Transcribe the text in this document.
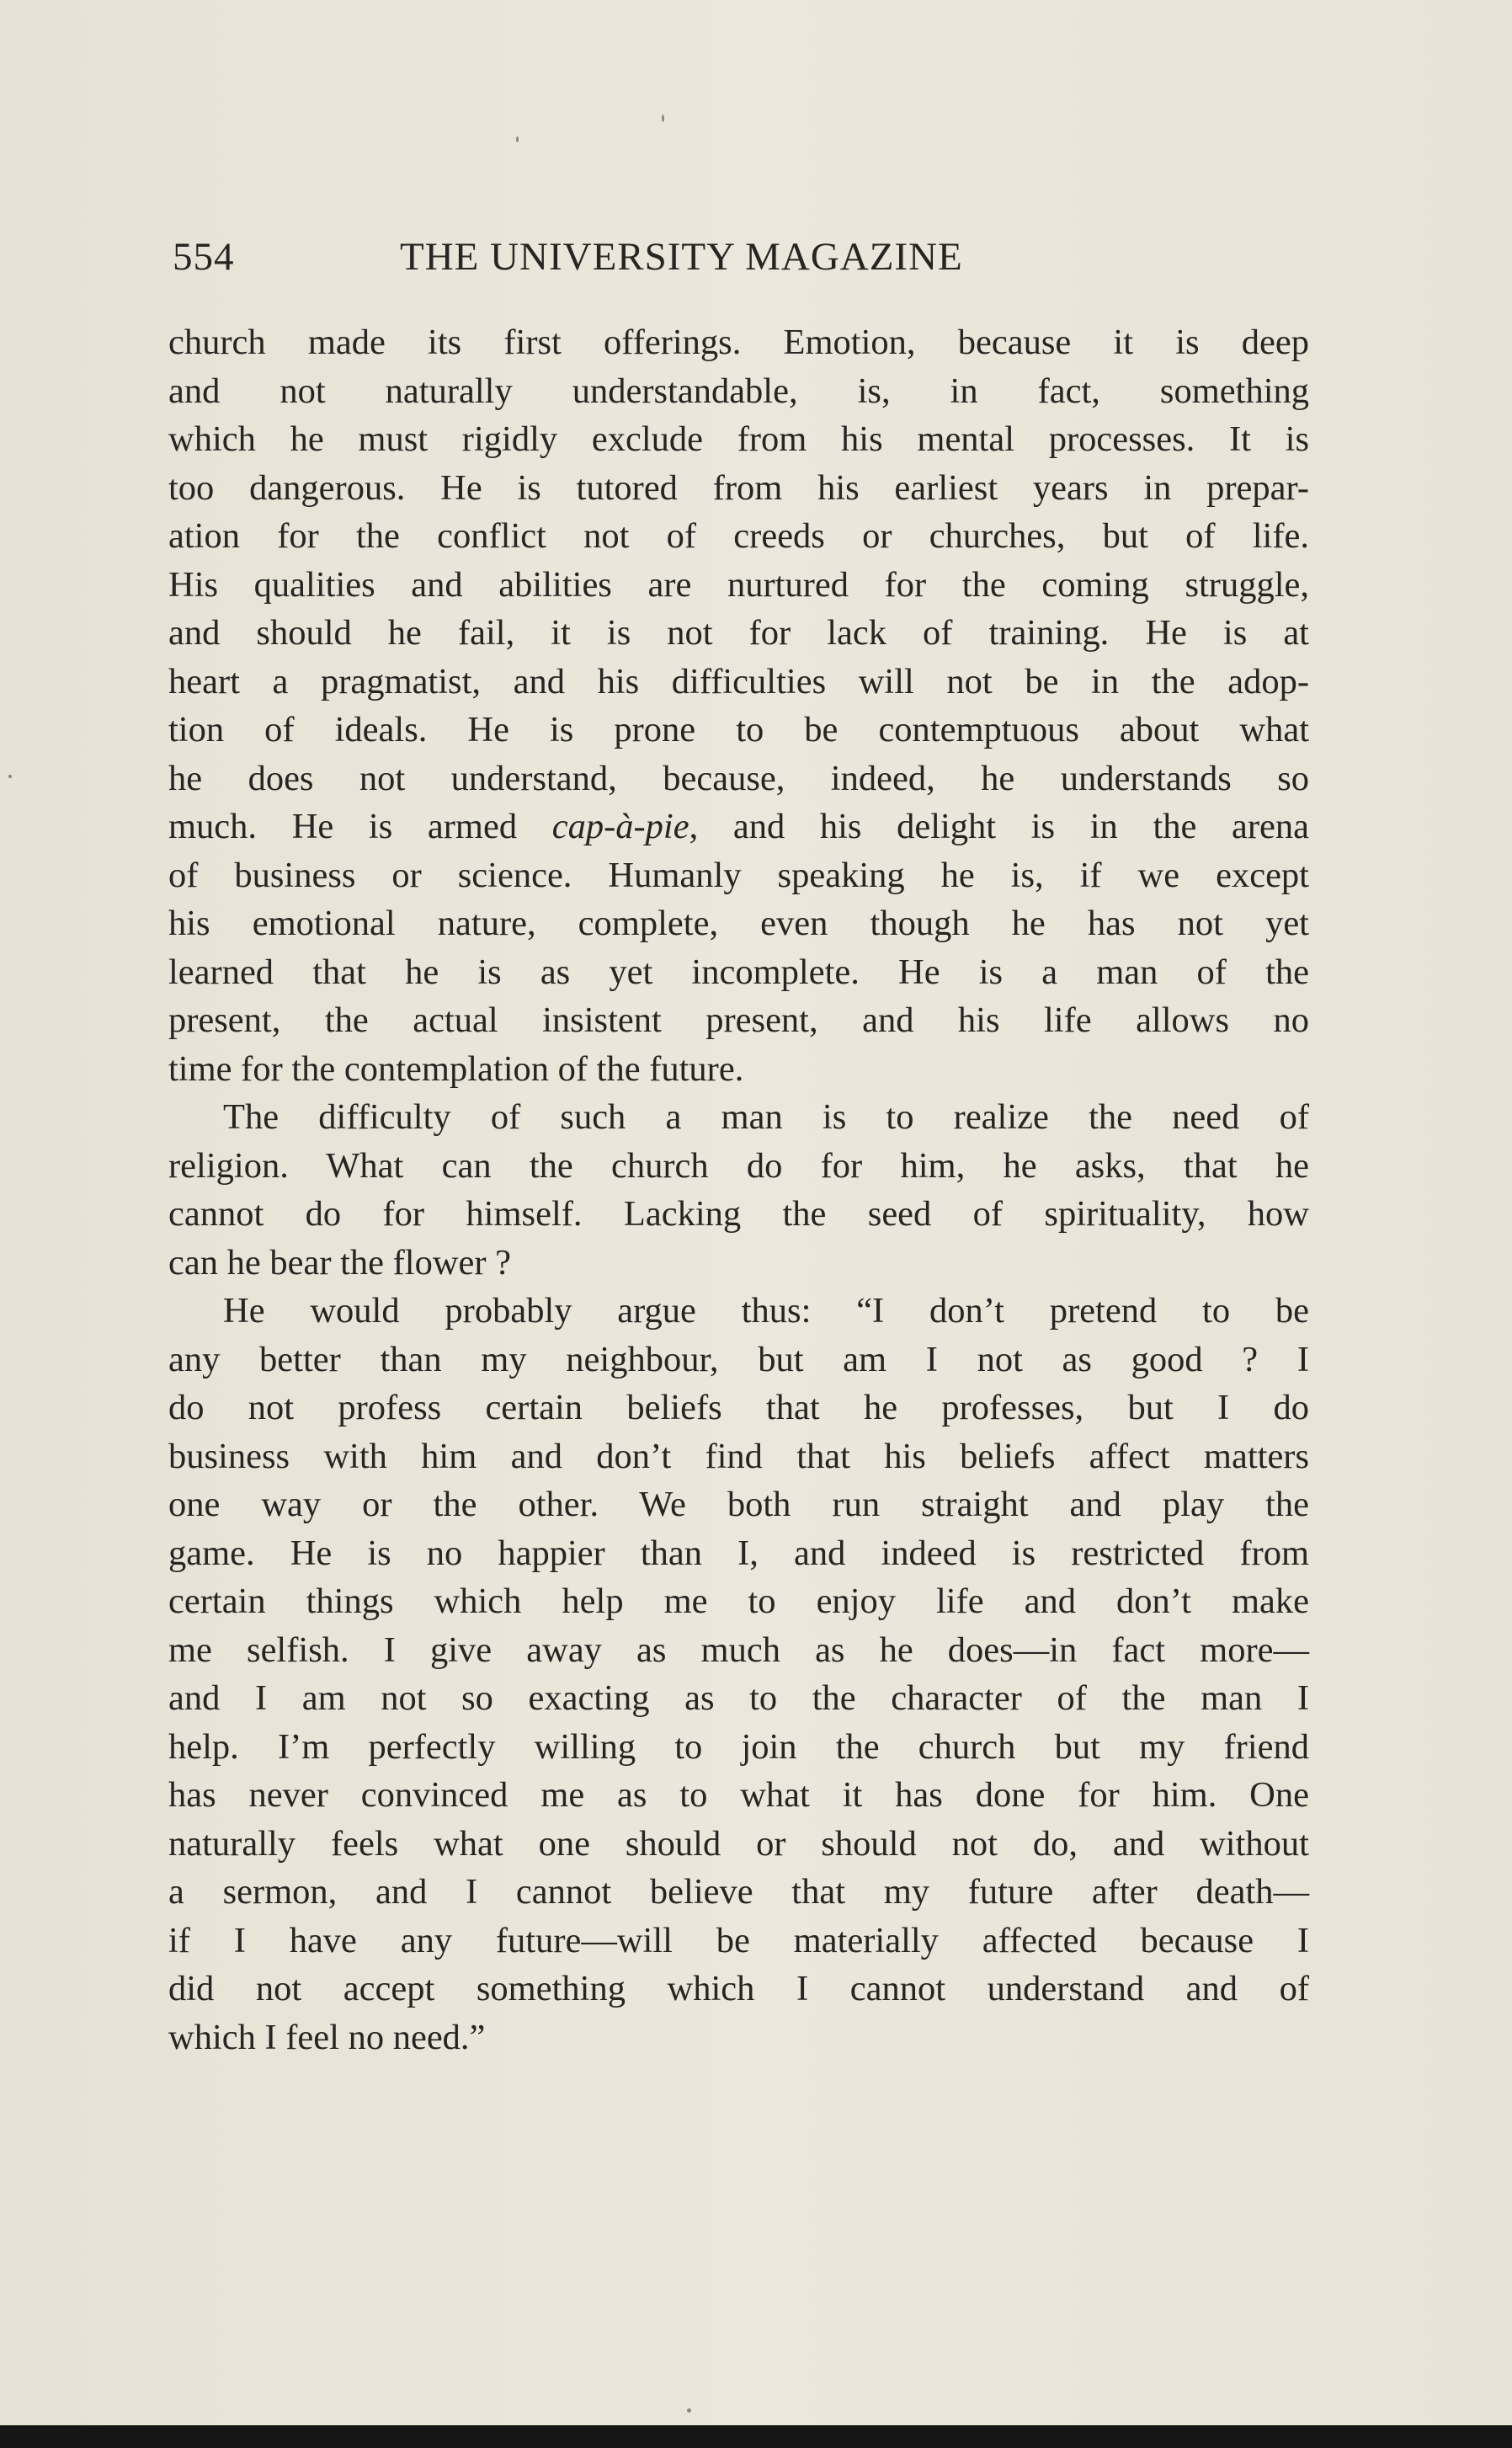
554	THE UNIVERSITY MAGAZINE
church made its first offerings. Emotion, because it is deep
and not naturally understandable, is, in fact, something
which he must rigidly exclude from his mental processes. It is
too dangerous. He is tutored from his earliest years in prepar-
ation for the conflict not of creeds or churches, but of life.
His qualities and abilities are nurtured for the coming struggle,
and should he fail, it is not for lack of training. He is at
heart a pragmatist, and his difficulties will not be in the adop-
tion of ideals. He is prone to be contemptuous about what
he does not understand, because, indeed, he understands so
much. He is armed cap-à-pie, and his delight is in the arena
of business or science. Humanly speaking he is, if we except
his emotional nature, complete, even though he has not yet
learned that he is as yet incomplete. He is a man of the
present, the actual insistent present, and his life allows no
time for the contemplation of the future.
The difficulty of such a man is to realize the need of
religion. What can the church do for him, he asks, that he
cannot do for himself. Lacking the seed of spirituality, how
can he bear the flower ?
He would probably argue thus: “I don’t pretend to be
any better than my neighbour, but am I not as good ? I
do not profess certain beliefs that he professes, but I do
business with him and don’t find that his beliefs affect matters
one way or the other. We both run straight and play the
game. He is no happier than I, and indeed is restricted from
certain things which help me to enjoy life and don’t make
me selfish. I give away as much as he does—in fact more—
and I am not so exacting as to the character of the man I
help. I’m perfectly willing to join the church but my friend
has never convinced me as to what it has done for him. One
naturally feels what one should or should not do, and without
a sermon, and I cannot believe that my future after death—
if I have any future—will be materially affected because I
did not accept something which I cannot understand and of
which I feel no need.”
